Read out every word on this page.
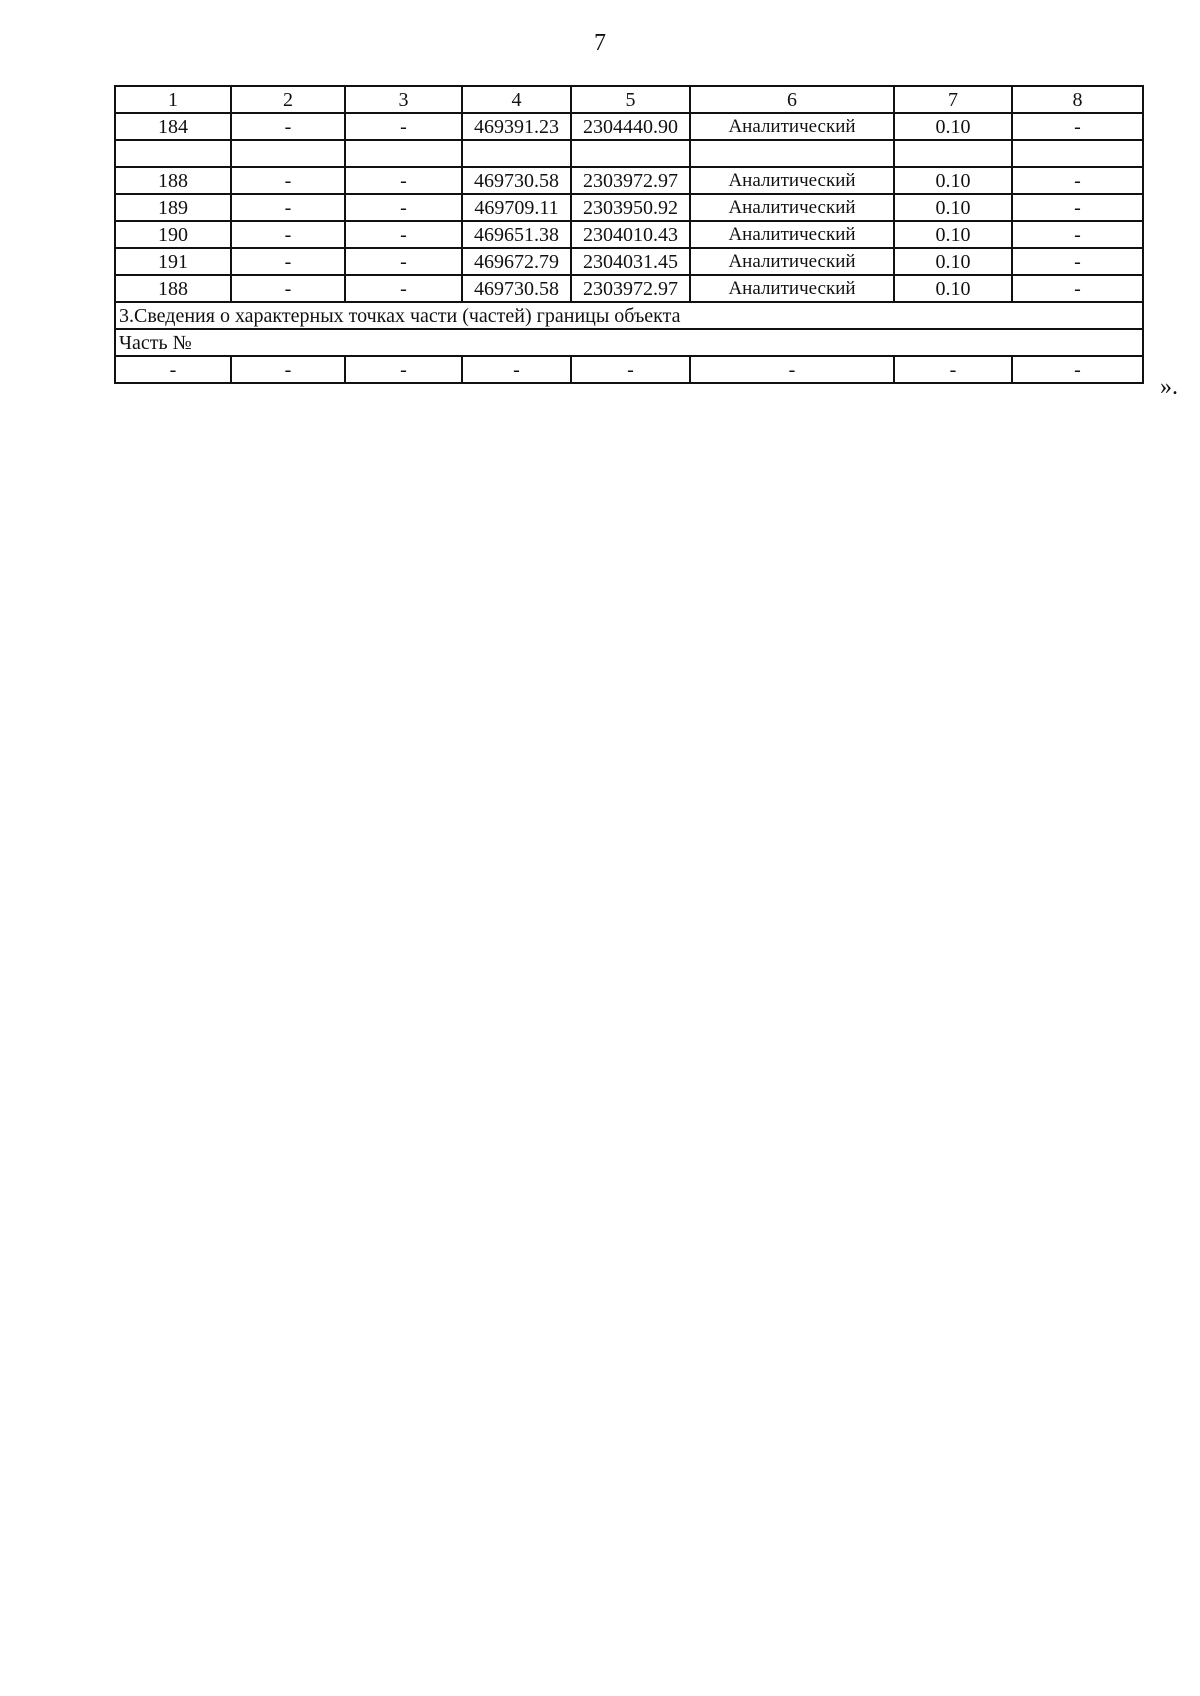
7
1	2	3	4	5	6	7	8
184	-	-	469391.23	2304440.90	Аналитический	0.10	-

188	-	-	469730.58	2303972.97	Аналитический	0.10	-
189	-	-	469709.11	2303950.92	Аналитический	0.10	-
190	-	-	469651.38	2304010.43	Аналитический	0.10	-
191	-	-	469672.79	2304031.45	Аналитический	0.10	-
188	-	-	469730.58	2303972.97	Аналитический	0.10	-
3.Сведения о характерных точках части (частей) границы объекта							
Часть №							
-	-	-	-	-	-	-	-
».
